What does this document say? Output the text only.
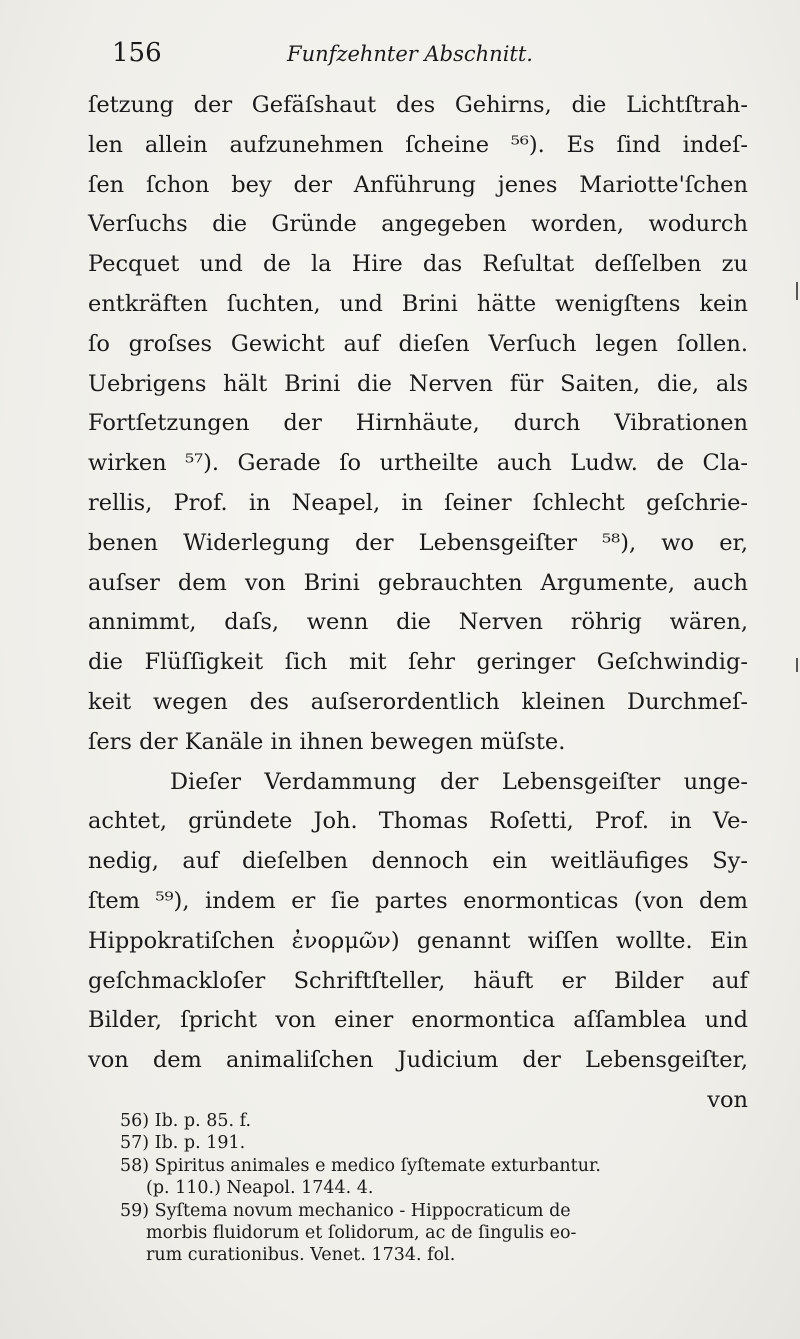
156	Funfzehnter Abschnitt.
ſetzung der Gefäſshaut des Gehirns, die Lichtſtrah-
len allein aufzunehmen ſcheine ⁵⁶). Es ſind indeſ-
ſen ſchon bey der Anführung jenes Mariotte'ſchen
Verſuchs die Gründe angegeben worden, wodurch
Pecquet und de la Hire das Reſultat deſſelben zu
entkräften ſuchten, und Brini hätte wenigſtens kein
ſo groſses Gewicht auf dieſen Verſuch legen ſollen.
Uebrigens hält Brini die Nerven für Saiten, die, als
Fortſetzungen der Hirnhäute, durch Vibrationen
wirken ⁵⁷). Gerade ſo urtheilte auch Ludw. de Cla-
rellis, Prof. in Neapel, in ſeiner ſchlecht geſchrie-
benen Widerlegung der Lebensgeiſter ⁵⁸), wo er,
auſser dem von Brini gebrauchten Argumente, auch
annimmt, daſs, wenn die Nerven röhrig wären,
die Flüſſigkeit ſich mit ſehr geringer Geſchwindig-
keit wegen des auſserordentlich kleinen Durchmeſ-
ſers der Kanäle in ihnen bewegen müſste.
Dieſer Verdammung der Lebensgeiſter unge-
achtet, gründete Joh. Thomas Roſetti, Prof. in Ve-
nedig, auf dieſelben dennoch ein weitläufiges Sy-
ſtem ⁵⁹), indem er ſie partes enormonticas (von dem
Hippokratiſchen ἐνορμῶν) genannt wiſſen wollte. Ein
geſchmackloſer Schriftſteller, häuft er Bilder auf
Bilder, ſpricht von einer enormontica aſſamblea und
von dem animaliſchen Judicium der Lebensgeiſter,
von
56) Ib. p. 85. f.
57) Ib. p. 191.
58) Spiritus animales e medico ſyſtemate exturbantur.
(p. 110.) Neapol. 1744. 4.
59) Syſtema novum mechanico - Hippocraticum de
morbis fluidorum et ſolidorum, ac de ſingulis eo-
rum curationibus. Venet. 1734. fol.
